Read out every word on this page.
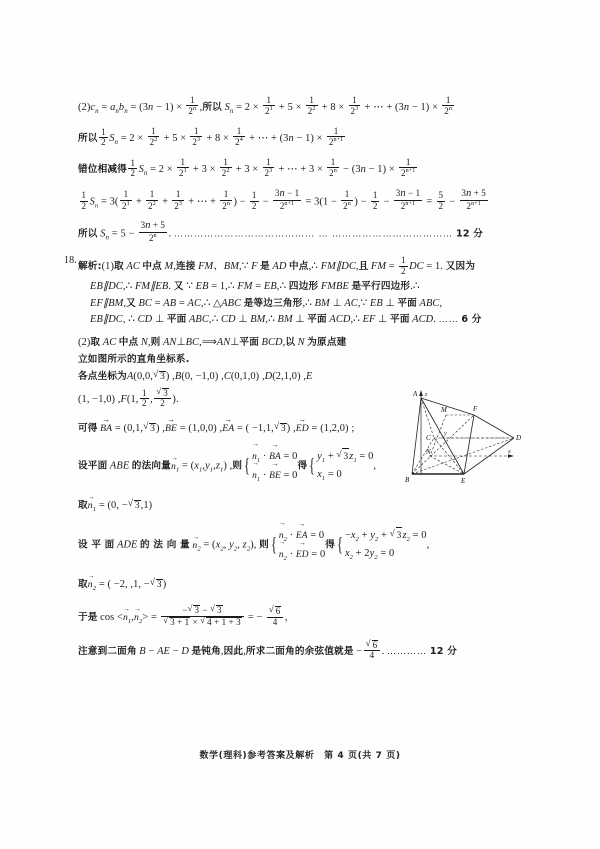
$(2)c_n = a_nb_n = (3n - 1) \times \frac{1}{2^n}$ ,所以 $S_n = 2 \times \frac{1}{2^1} + 5 \times \frac{1}{2^2} + 8 \times \frac{1}{2^3}$ + ⋯ + $(3n - 1) \times \frac{1}{2^n}$
所以 $\frac{1}{2} S_n = 2 \times \frac{1}{2^2} + 5 \times \frac{1}{2^3} + 8 \times \frac{1}{2^4}$ + ⋯ + $(3n - 1) \times \frac{1}{2^{n+1}}$
错位相减得 $\frac{1}{2} S_n = 2 \times \frac{1}{2^1} + 3 \times \frac{1}{2^2} + 3 \times \frac{1}{2^3}$ + ⋯ + $3 \times \frac{1}{2^n} - (3n - 1) \times \frac{1}{2^{n+1}}$
$\frac{1}{2} S_n = 3( \frac{1}{2^1} + \frac{1}{2^2} + \frac{1}{2^3}$ + ⋯ + $\frac{1}{2^n}$ ) − $\frac{1}{2} - \frac{3n - 1}{2^{n+1}} = 3(1 - \frac{1}{2^n}$ ) − $\frac{1}{2} - \frac{3n - 1}{2^{n+1}} = \frac{5}{2} - \frac{3n + 5}{2^{n+1}}$
所以 $S_n = 5 - \frac{3n + 5}{2^n}$ . …………………………………… … ……………………………… 12 分
18.
解析:(1)取 AC 中点 M,连接 FM、BM,∵ F 是 AD 中点,∴ FM∥DC,且 FM = $\frac{1}{2}$ DC = 1. 又因为
EB∥DC,∴ FM∥EB. 又 ∵ EB = 1,∴ FM = EB,∴ 四边形 FMBE 是平行四边形.∴
EF∥BM,又 BC = AB = AC,∴ △ABC 是等边三角形,∴ BM ⊥ AC,∵ EB ⊥ 平面 ABC,
EB∥DC, ∴ CD ⊥ 平面 ABC,∴ CD ⊥ BM,∴ BM ⊥ 平面 ACD,∴ EF ⊥ 平面 ACD. …… 6 分
(2)取 AC 中点 N,则 AN⊥BC,⟹AN⊥平面 BCD,以 N 为原点建
立如图所示的直角坐标系.
各点坐标为A(0,0, √ 3) ,B(0, −1,0) ,C(0,1,0) ,D(2,1,0) ,E
(1, −1,0) ,F(1, $\frac{1}{2}$ , √ $\frac{3}{2}$ ).
可得 → BA = (0,1, √ 3) ,→ BE = (1,0,0) ,→ EA = ( −1,1, √ 3) ,→ ED = (1,2,0) ;
设平面 ABE 的法向量→ $n_1 = (x_1,y_1,z_1)$ ,则{ → $n_1$ · → BA = 0
→ $n_1$ · → BE = 0
得{ $y_1$ + √ $3z_1 = 0$
$x_1 = 0$
,
取→ $n_1 = (0$, − √ 3,1)
设 平 面 ADE 的 法 向 量 → $n_2 = (x_2$, $y_2$, $z_2$), 则{ → $n_2$ · → EA = 0
→ $n_2$ · → ED = 0
得{ $-x_2 + y_2$ + √ $3z_2 = 0$
$x_2 + 2y_2 = 0$
,
取→ $n_2$ = ( −2, ,1, − √ 3)
于是 $\cos <\to n_1,\to n_2>$ = − √ 3 − √ 3
√ 3 + 1 × √ 4 + 1 + 3 = − √ $\frac{6}{4}$ ,
注意到二面角 B − AE − D 是钝角,因此,所求二面角的余弦值就是 − √ $\frac{6}{4}$ . ………… 12 分
z
y
x
A
M	F
C	D
N
B	E
数学(理科)参考答案及解析　第 4 页(共 7 页)
